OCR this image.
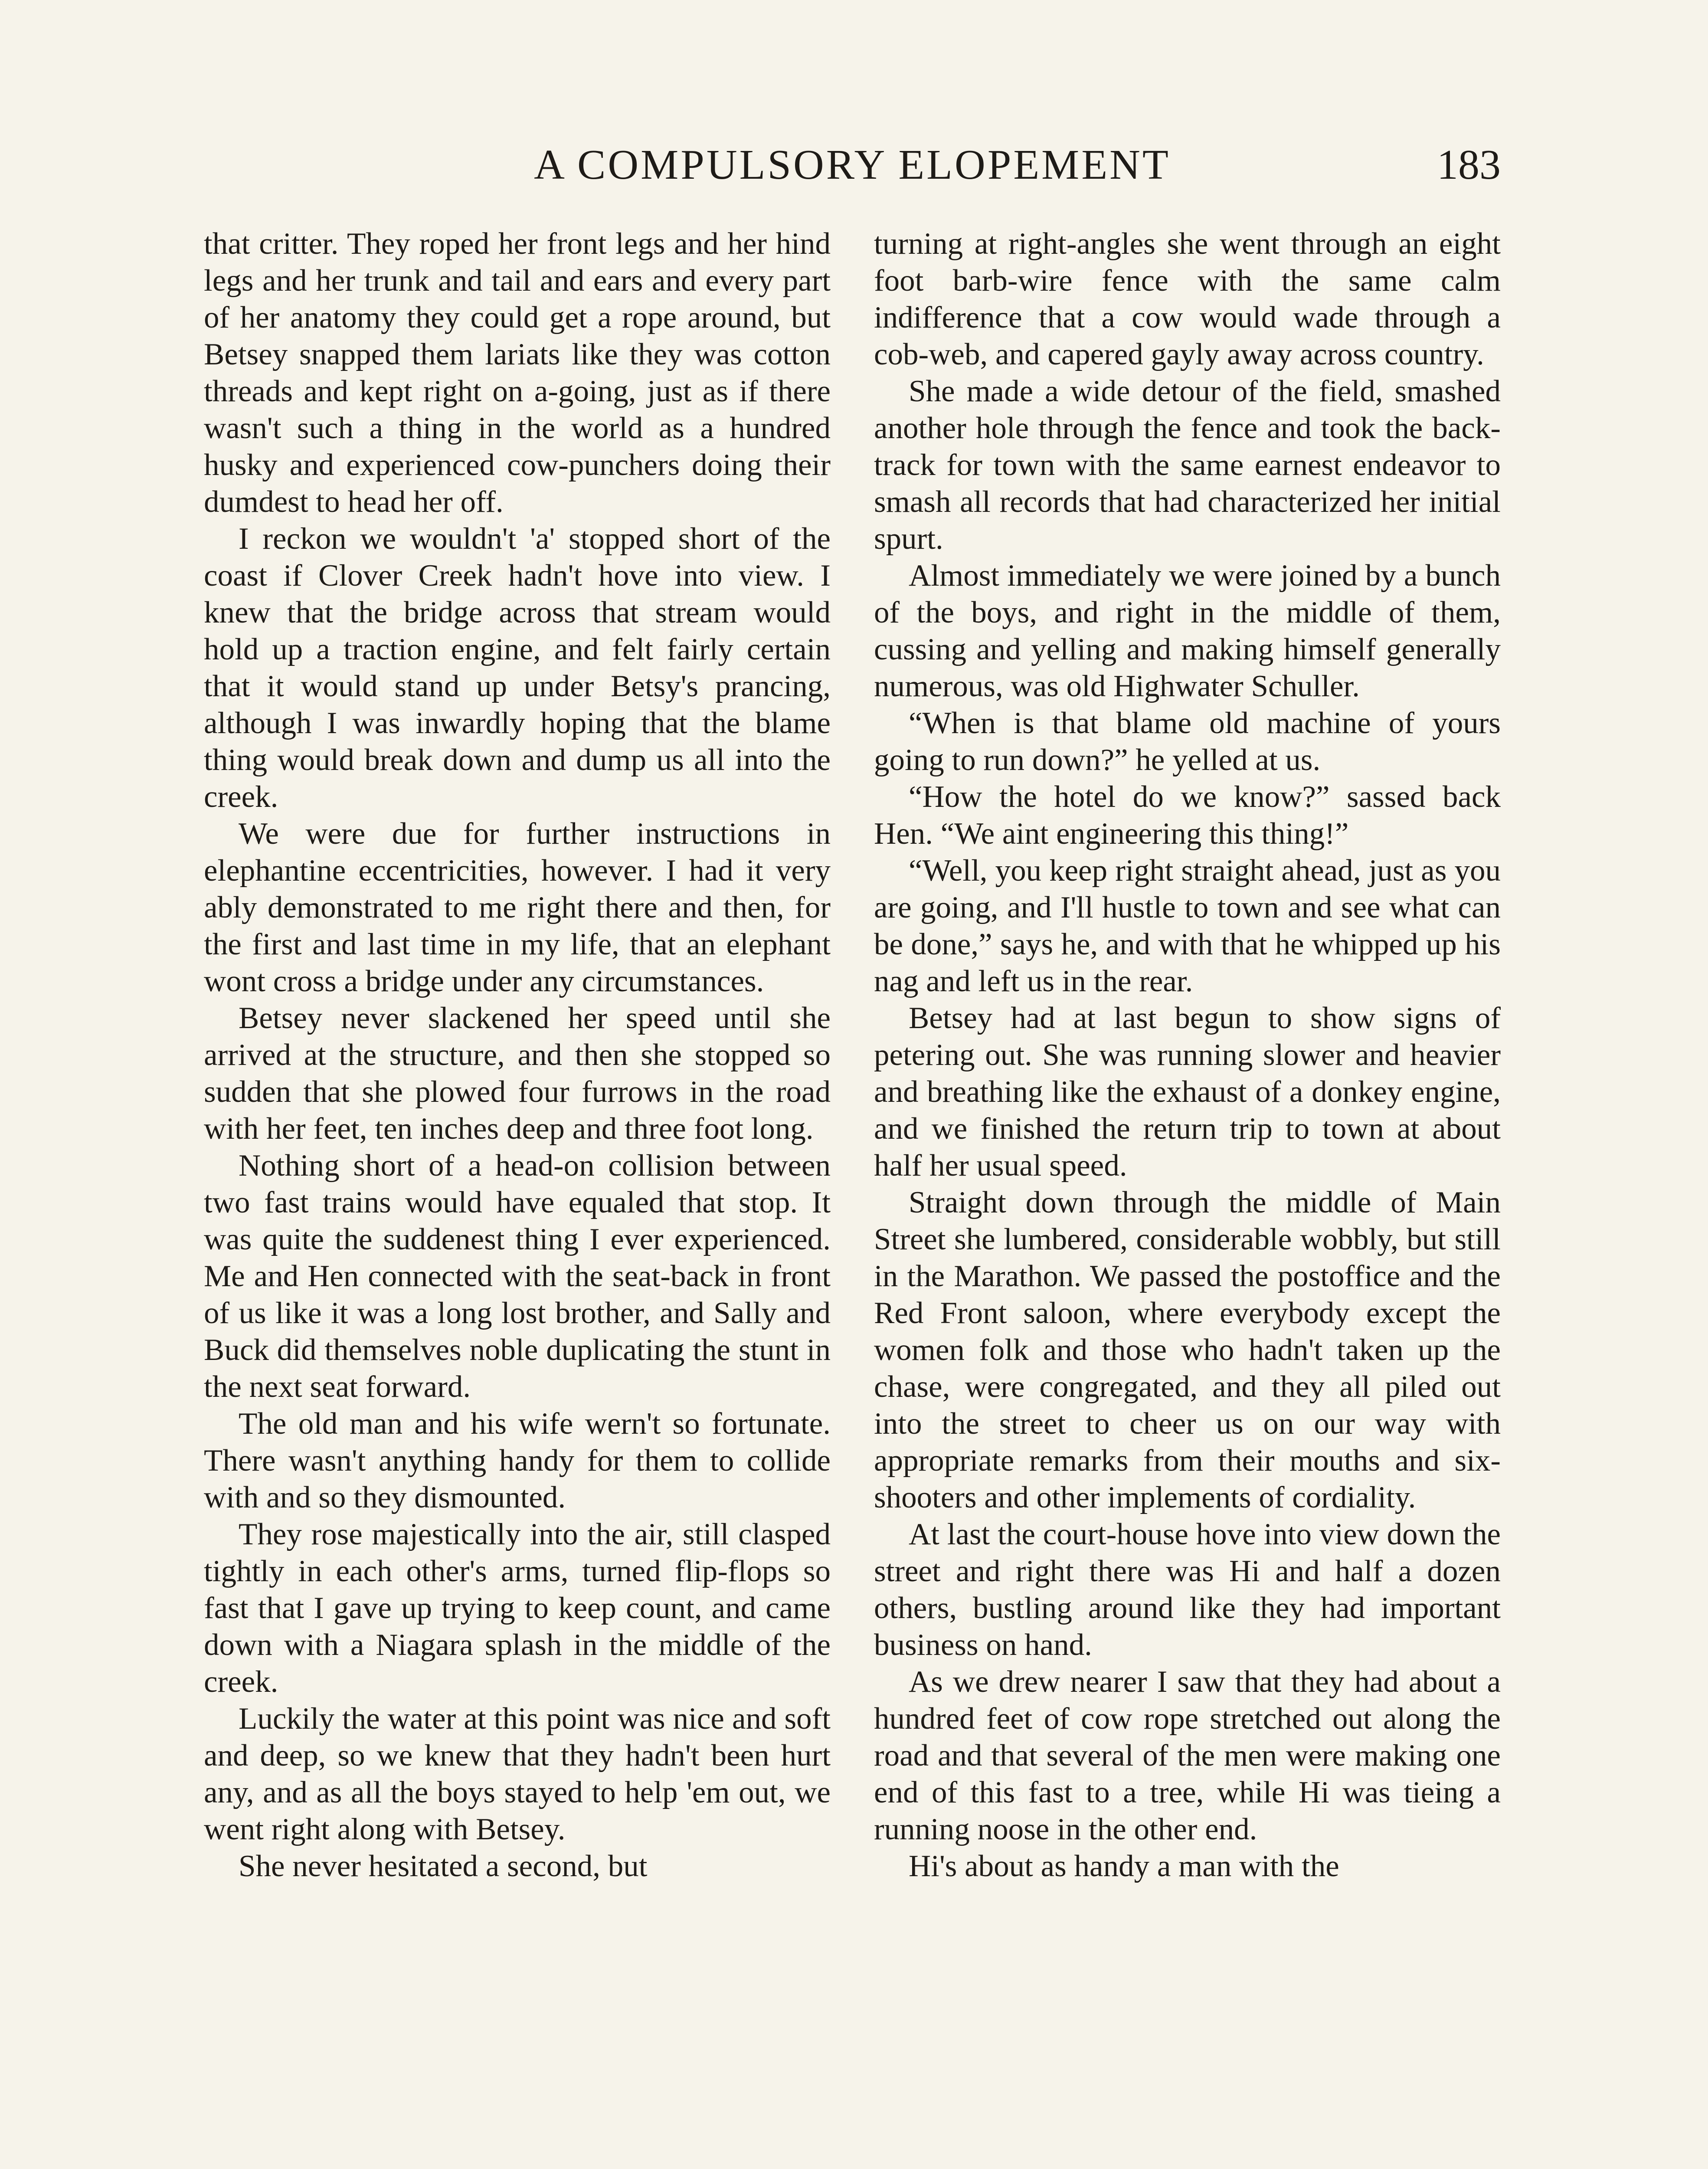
A COMPULSORY ELOPEMENT	183

that critter. They roped her front legs and her hind legs and her trunk and tail and ears and every part of her anatomy they could get a rope around, but Betsey snapped them lariats like they was cotton threads and kept right on a-going, just as if there wasn't such a thing in the world as a hundred husky and experienced cow-punchers doing their dumdest to head her off.

I reckon we wouldn't 'a' stopped short of the coast if Clover Creek hadn't hove into view. I knew that the bridge across that stream would hold up a traction engine, and felt fairly certain that it would stand up under Betsy's prancing, although I was inwardly hoping that the blame thing would break down and dump us all into the creek.

We were due for further instructions in elephantine eccentricities, however. I had it very ably demonstrated to me right there and then, for the first and last time in my life, that an elephant wont cross a bridge under any circumstances.

Betsey never slackened her speed until she arrived at the structure, and then she stopped so sudden that she plowed four furrows in the road with her feet, ten inches deep and three foot long.

Nothing short of a head-on collision between two fast trains would have equaled that stop. It was quite the suddenest thing I ever experienced. Me and Hen connected with the seat-back in front of us like it was a long lost brother, and Sally and Buck did themselves noble duplicating the stunt in the next seat forward.

The old man and his wife wern't so fortunate. There wasn't anything handy for them to collide with and so they dismounted.

They rose majestically into the air, still clasped tightly in each other's arms, turned flip-flops so fast that I gave up trying to keep count, and came down with a Niagara splash in the middle of the creek.

Luckily the water at this point was nice and soft and deep, so we knew that they hadn't been hurt any, and as all the boys stayed to help 'em out, we went right along with Betsey.

She never hesitated a second, but

turning at right-angles she went through an eight foot barb-wire fence with the same calm indifference that a cow would wade through a cob-web, and capered gayly away across country.

She made a wide detour of the field, smashed another hole through the fence and took the back-track for town with the same earnest endeavor to smash all records that had characterized her initial spurt.

Almost immediately we were joined by a bunch of the boys, and right in the middle of them, cussing and yelling and making himself generally numerous, was old Highwater Schuller.

“When is that blame old machine of yours going to run down?” he yelled at us.

“How the hotel do we know?” sassed back Hen. “We aint engineering this thing!”

“Well, you keep right straight ahead, just as you are going, and I'll hustle to town and see what can be done,” says he, and with that he whipped up his nag and left us in the rear.

Betsey had at last begun to show signs of petering out. She was running slower and heavier and breathing like the exhaust of a donkey engine, and we finished the return trip to town at about half her usual speed.

Straight down through the middle of Main Street she lumbered, considerable wobbly, but still in the Marathon. We passed the postoffice and the Red Front saloon, where everybody except the women folk and those who hadn't taken up the chase, were congregated, and they all piled out into the street to cheer us on our way with appropriate remarks from their mouths and six-shooters and other implements of cordiality.

At last the court-house hove into view down the street and right there was Hi and half a dozen others, bustling around like they had important business on hand.

As we drew nearer I saw that they had about a hundred feet of cow rope stretched out along the road and that several of the men were making one end of this fast to a tree, while Hi was tieing a running noose in the other end.

Hi's about as handy a man with the
